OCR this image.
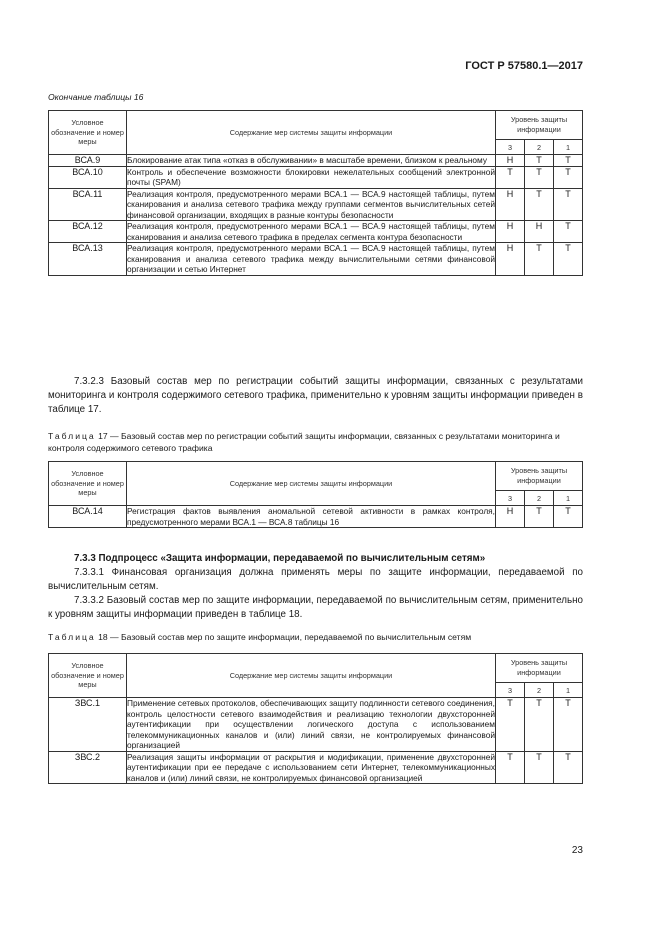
ГОСТ Р 57580.1—2017
Окончание таблицы 16
Условное обозначение и номер меры	Содержание мер системы защиты информации	Уровень защиты информации		
		3	2	1
ВСА.9	Блокирование атак типа «отказ в обслуживании» в масштабе времени, близком к реальному	Н	Т	Т
ВСА.10	Контроль и обеспечение возможности блокировки нежелательных сообщений электронной почты (SPAM)	Т	Т	Т
ВСА.11	Реализация контроля, предусмотренного мерами ВСА.1 — ВСА.9 настоящей таблицы, путем сканирования и анализа сетевого трафика между группами сегментов вычислительных сетей финансовой организации, входящих в разные контуры безопасности	Н	Т	Т
ВСА.12	Реализация контроля, предусмотренного мерами ВСА.1 — ВСА.9 настоящей таблицы, путем сканирования и анализа сетевого трафика в пределах сегмента контура безопасности	Н	Н	Т
ВСА.13	Реализация контроля, предусмотренного мерами ВСА.1 — ВСА.9 настоящей таблицы, путем сканирования и анализа сетевого трафика между вычислительными сетями финансовой организации и сетью Интернет	Н	Т	Т
7.3.2.3 Базовый состав мер по регистрации событий защиты информации, связанных с результатами мониторинга и контроля содержимого сетевого трафика, применительно к уровням защиты информации приведен в таблице 17.
Таблица 17 — Базовый состав мер по регистрации событий защиты информации, связанных с результатами мониторинга и контроля содержимого сетевого трафика
Условное обозначение и номер меры	Содержание мер системы защиты информации	Уровень защиты информации		
		3	2	1
ВСА.14	Регистрация фактов выявления аномальной сетевой активности в рамках контроля, предусмотренного мерами ВСА.1 — ВСА.8 таблицы 16	Н	Т	Т
7.3.3 Подпроцесс «Защита информации, передаваемой по вычислительным сетям»
7.3.3.1 Финансовая организация должна применять меры по защите информации, передаваемой по вычислительным сетям.
7.3.3.2 Базовый состав мер по защите информации, передаваемой по вычислительным сетям, применительно к уровням защиты информации приведен в таблице 18.
Таблица 18 — Базовый состав мер по защите информации, передаваемой по вычислительным сетям
Условное обозначение и номер меры	Содержание мер системы защиты информации	Уровень защиты информации		
		3	2	1
ЗВС.1	Применение сетевых протоколов, обеспечивающих защиту подлинности сетевого соединения, контроль целостности сетевого взаимодействия и реализацию технологии двухсторонней аутентификации при осуществлении логического доступа с использованием телекоммуникационных каналов и (или) линий связи, не контролируемых финансовой организацией	Т	Т	Т
ЗВС.2	Реализация защиты информации от раскрытия и модификации, применение двухсторонней аутентификации при ее передаче с использованием сети Интернет, телекоммуникационных каналов и (или) линий связи, не контролируемых финансовой организацией	Т	Т	Т
23
